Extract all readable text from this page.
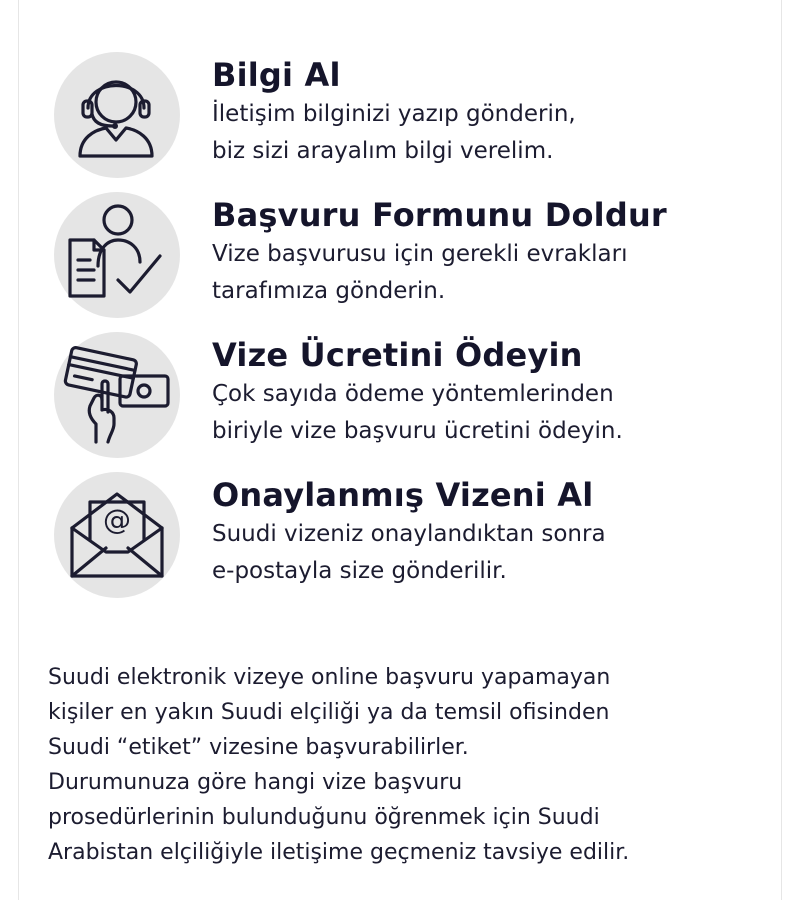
Bilgi Al
İletişim bilginizi yazıp gönderin,
biz sizi arayalım bilgi verelim.
Başvuru Formunu Doldur
Vize başvurusu için gerekli evrakları
tarafımıza gönderin.
Vize Ücretini Ödeyin
Çok sayıda ödeme yöntemlerinden
biriyle vize başvuru ücretini ödeyin.
@
Onaylanmış Vizeni Al
Suudi vizeniz onaylandıktan sonra
e-postayla size gönderilir.
Suudi elektronik vizeye online başvuru yapamayan
kişiler en yakın Suudi elçiliği ya da temsil ofisinden
Suudi “etiket” vizesine başvurabilirler.
Durumunuza göre hangi vize başvuru
prosedürlerinin bulunduğunu öğrenmek için Suudi
Arabistan elçiliğiyle iletişime geçmeniz tavsiye edilir.
